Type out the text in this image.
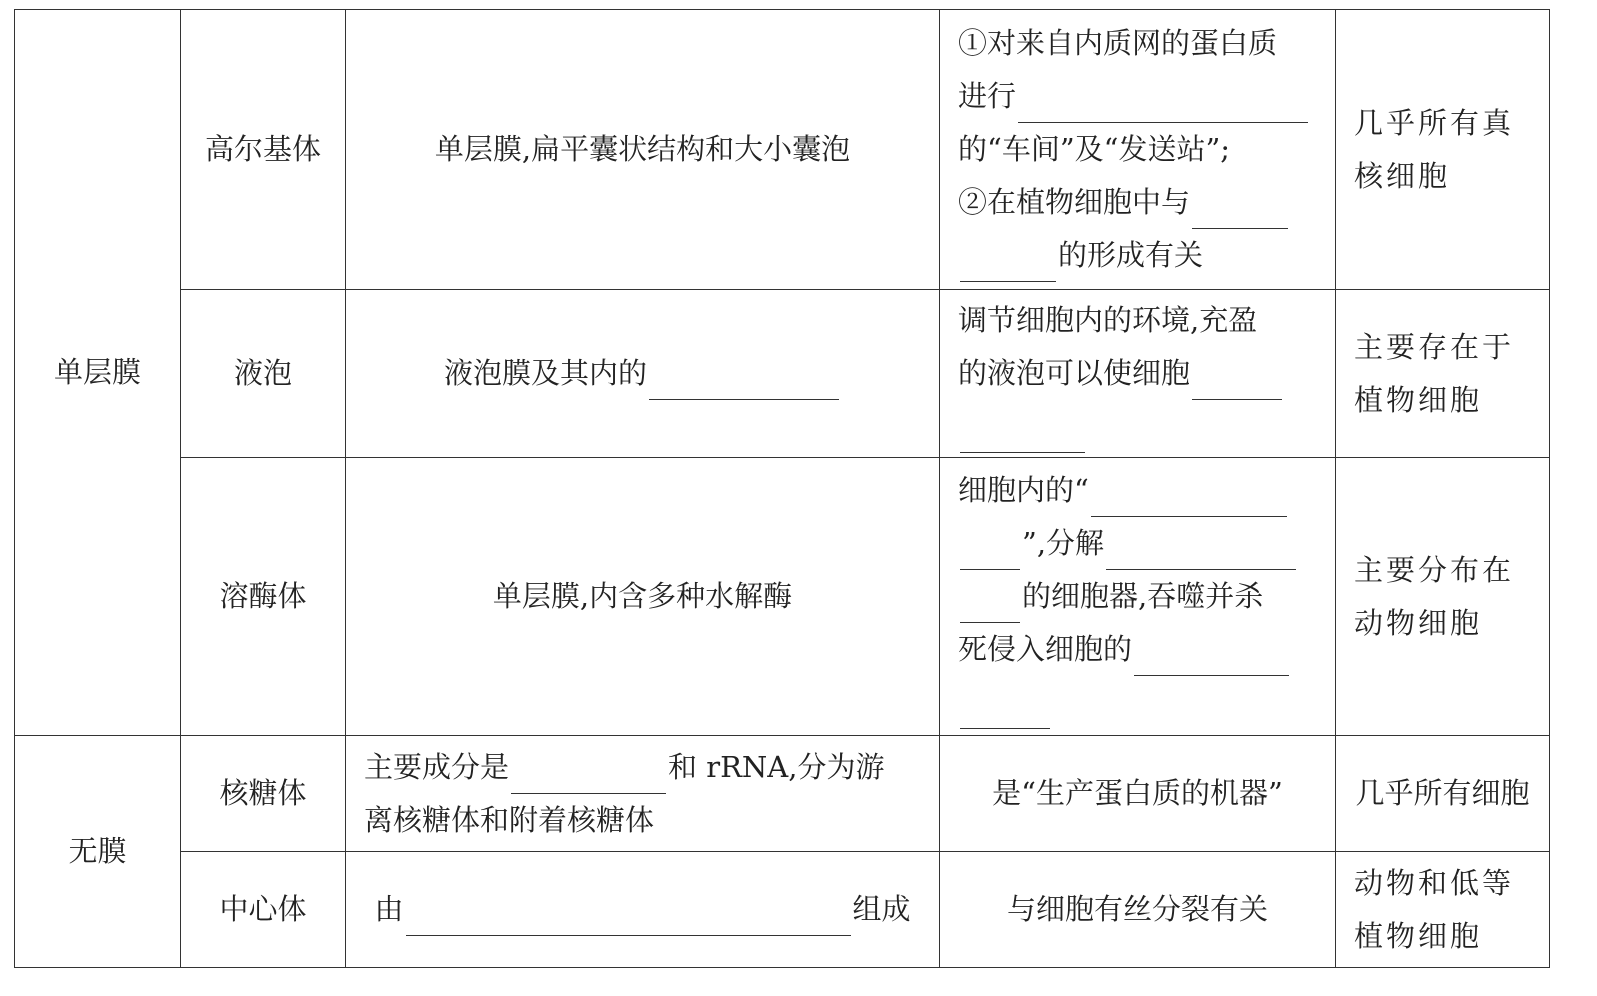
单层膜	高尔基体	单层膜,扁平囊状结构和大小囊泡	①对来自内质网的蛋白质
进行
的“车间”及“发送站”;
②在植物细胞中与
的形成有关	几乎所有真核细胞
	液泡	液泡膜及其内的	调节细胞内的环境,充盈
的液泡可以使细胞	主要存在于植物细胞
	溶酶体	单层膜,内含多种水解酶	细胞内的“
”,分解
的细胞器,吞噬并杀
死侵入细胞的	主要分布在动物细胞
无膜	核糖体	主要成分是 和 rRNA,分为游
离核糖体和附着核糖体	是“生产蛋白质的机器”	几乎所有细胞
	中心体	由 组成	与细胞有丝分裂有关	动物和低等植物细胞
